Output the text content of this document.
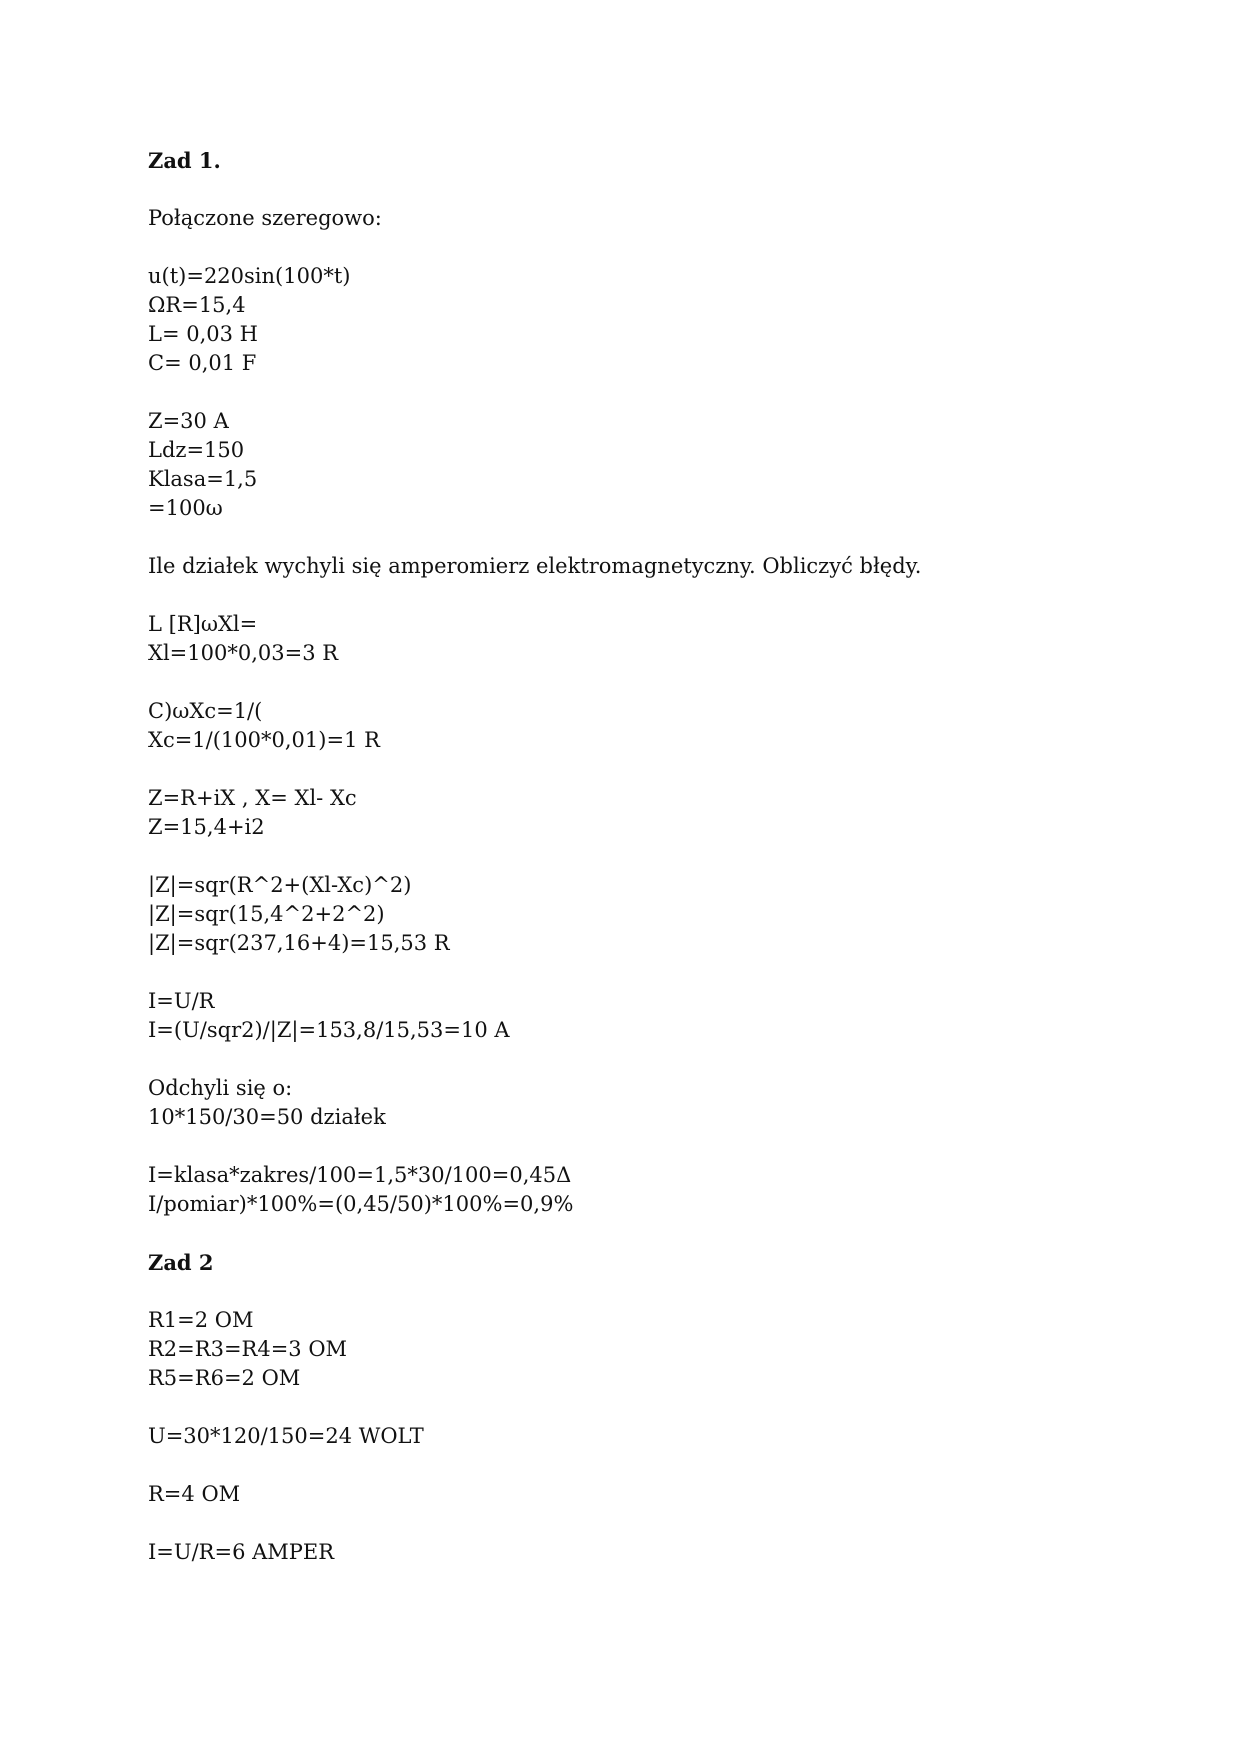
Zad 1.
Połączone szeregowo:
u(t)=220sin(100*t)
ΩR=15,4
L= 0,03 H
C= 0,01 F
Z=30 A
Ldz=150
Klasa=1,5
=100ω
Ile działek wychyli się amperomierz elektromagnetyczny. Obliczyć błędy.
L [R]ωXl=
Xl=100*0,03=3 R
C)ωXc=1/(
Xc=1/(100*0,01)=1 R
Z=R+iX , X= Xl- Xc
Z=15,4+i2
|Z|=sqr(R^2+(Xl-Xc)^2)
|Z|=sqr(15,4^2+2^2)
|Z|=sqr(237,16+4)=15,53 R
I=U/R
I=(U/sqr2)/|Z|=153,8/15,53=10 A
Odchyli się o:
10*150/30=50 działek
I=klasa*zakres/100=1,5*30/100=0,45Δ
I/pomiar)*100%=(0,45/50)*100%=0,9%
Zad 2
R1=2 OM
R2=R3=R4=3 OM
R5=R6=2 OM
U=30*120/150=24 WOLT
R=4 OM
I=U/R=6 AMPER
